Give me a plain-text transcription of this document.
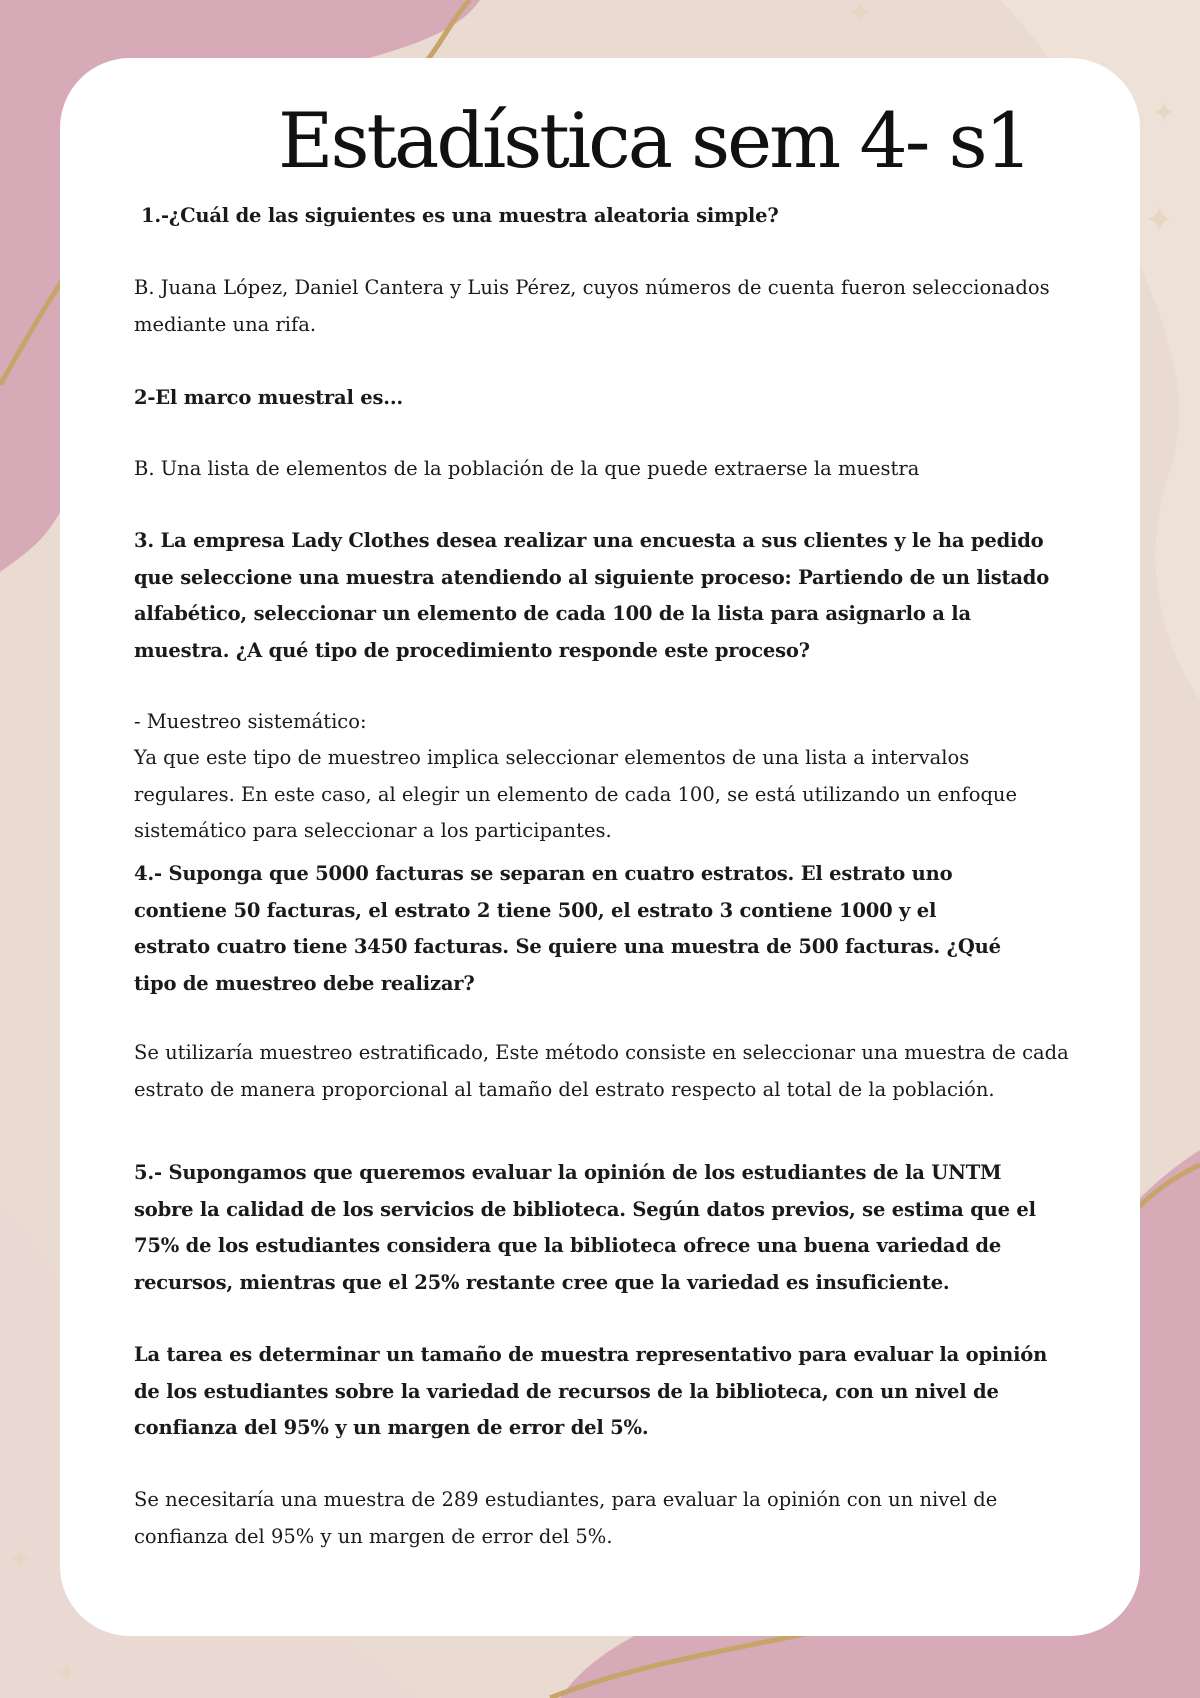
✦
✦
✦
✦
✦
Estadística sem 4- s1

1.-¿Cuál de las siguientes es una muestra aleatoria simple?

B. Juana López, Daniel Cantera y Luis Pérez, cuyos números de cuenta fueron seleccionados mediante una rifa.

2-El marco muestral es...

B. Una lista de elementos de la población de la que puede extraerse la muestra

3. La empresa Lady Clothes desea realizar una encuesta a sus clientes y le ha pedido que seleccione una muestra atendiendo al siguiente proceso: Partiendo de un listado alfabético, seleccionar un elemento de cada 100 de la lista para asignarlo a la muestra. ¿A qué tipo de procedimiento responde este proceso?

- Muestreo sistemático:

Ya que este tipo de muestreo implica seleccionar elementos de una lista a intervalos regulares. En este caso, al elegir un elemento de cada 100, se está utilizando un enfoque sistemático para seleccionar a los participantes.

4.- Suponga que 5000 facturas se separan en cuatro estratos. El estrato uno contiene 50 facturas, el estrato 2 tiene 500, el estrato 3 contiene 1000 y el estrato cuatro tiene 3450 facturas. Se quiere una muestra de 500 facturas. ¿Qué tipo de muestreo debe realizar?

Se utilizaría muestreo estratificado, Este método consiste en seleccionar una muestra de cada estrato de manera proporcional al tamaño del estrato respecto al total de la población.

5.- Supongamos que queremos evaluar la opinión de los estudiantes de la UNTM sobre la calidad de los servicios de biblioteca. Según datos previos, se estima que el 75% de los estudiantes considera que la biblioteca ofrece una buena variedad de recursos, mientras que el 25% restante cree que la variedad es insuficiente.

La tarea es determinar un tamaño de muestra representativo para evaluar la opinión de los estudiantes sobre la variedad de recursos de la biblioteca, con un nivel de confianza del 95% y un margen de error del 5%.

Se necesitaría una muestra de 289 estudiantes, para evaluar la opinión con un nivel de confianza del 95% y un margen de error del 5%.
